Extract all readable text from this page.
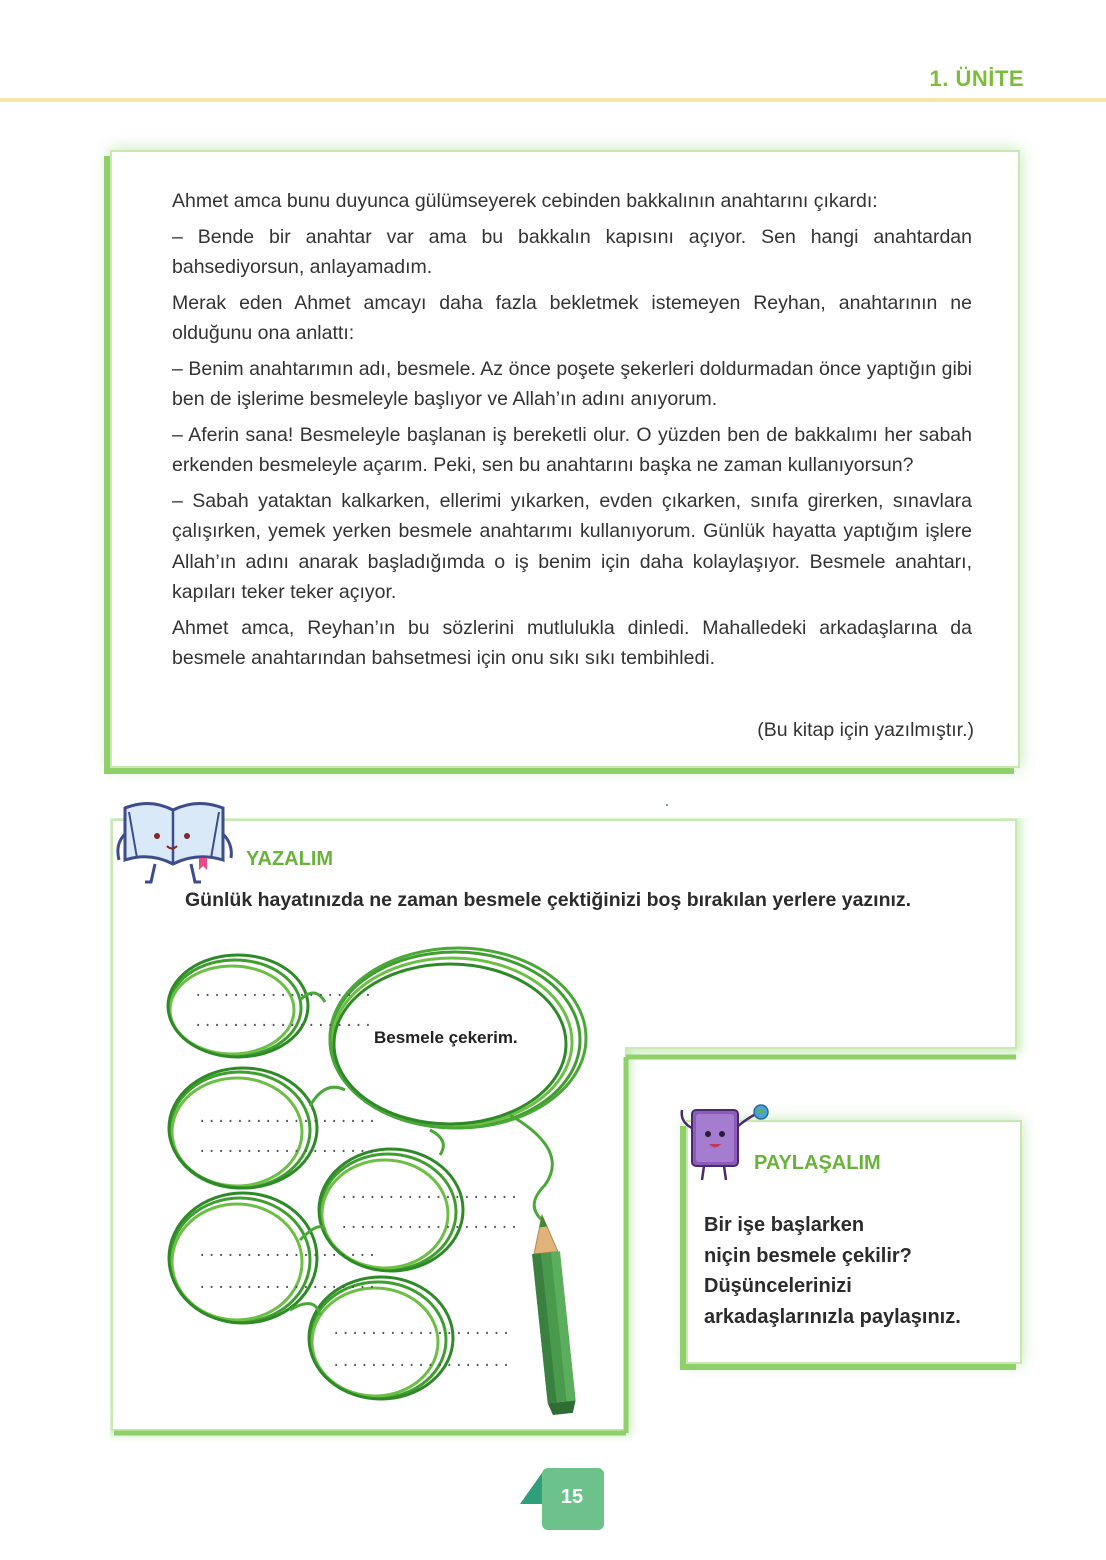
1. ÜNİTE

Ahmet amca bunu duyunca gülümseyerek cebinden bakkalının anahtarını çıkardı:

– Bende bir anahtar var ama bu bakkalın kapısını açıyor. Sen hangi anahtardan bahsediyorsun, anlayamadım.

Merak eden Ahmet amcayı daha fazla bekletmek istemeyen Reyhan, anahtarının ne olduğunu ona anlattı:

– Benim anahtarımın adı, besmele. Az önce poşete şekerleri doldurmadan önce yaptığın gibi ben de işlerime besmeleyle başlıyor ve Allah’ın adını anıyorum.

– Aferin sana! Besmeleyle başlanan iş bereketli olur. O yüzden ben de bakkalımı her sabah erkenden besmeleyle açarım. Peki, sen bu anahtarını başka ne zaman kullanıyorsun?

– Sabah yataktan kalkarken, ellerimi yıkarken, evden çıkarken, sınıfa girerken, sınavlara çalışırken, yemek yerken besmele anahtarımı kullanıyorum. Günlük hayatta yaptığım işlere Allah’ın adını anarak başladığımda o iş benim için daha kolaylaşıyor. Besmele anahtarı, kapıları teker teker açıyor.

Ahmet amca, Reyhan’ın bu sözlerini mutlulukla dinledi. Mahalledeki arkadaşlarına da besmele anahtarından bahsetmesi için onu sıkı sıkı tembihledi.

(Bu kitap için yazılmıştır.)
YAZALIM
Günlük hayatınızda ne zaman besmele çektiğinizi boş bırakılan yerlere yazınız.
Besmele çekerim.
...................
...................
...................
...................
...................
...................
...................
...................
...................
...................
PAYLAŞALIM
Bir işe başlarken
niçin besmele çekilir?
Düşüncelerinizi
arkadaşlarınızla paylaşınız.
15
